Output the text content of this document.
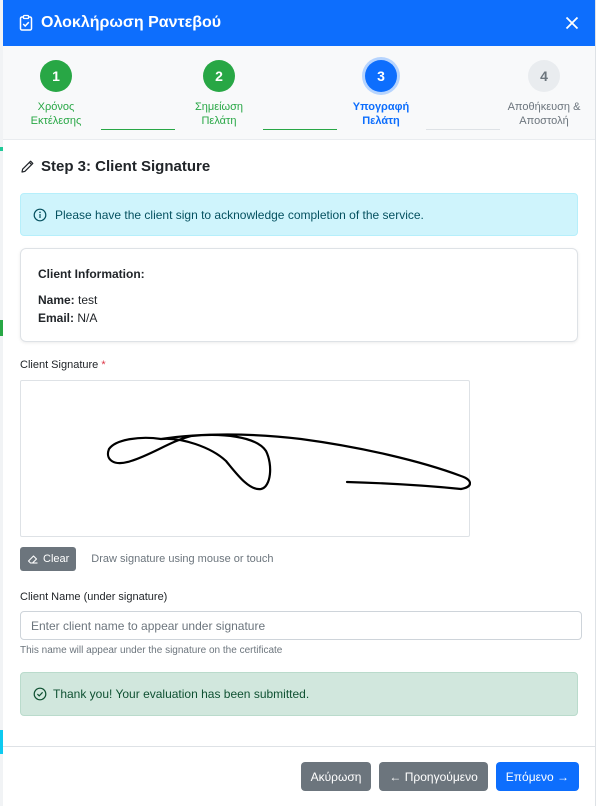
Ολοκλήρωση Ραντεβού
1
Χρόνος
Εκτέλεσης
2
Σημείωση
Πελάτη
3
Υπογραφή
Πελάτη
4
Αποθήκευση &
Αποστολή
Step 3: Client Signature
Please have the client sign to acknowledge completion of the service.
Client Information:
Name: test
Email: N/A
Client Signature *
Clear Draw signature using mouse or touch
Client Name (under signature)
Enter client name to appear under signature
This name will appear under the signature on the certificate
Thank you! Your evaluation has been submitted.
Ακύρωση	← Προηγούμενο	Επόμενο →
